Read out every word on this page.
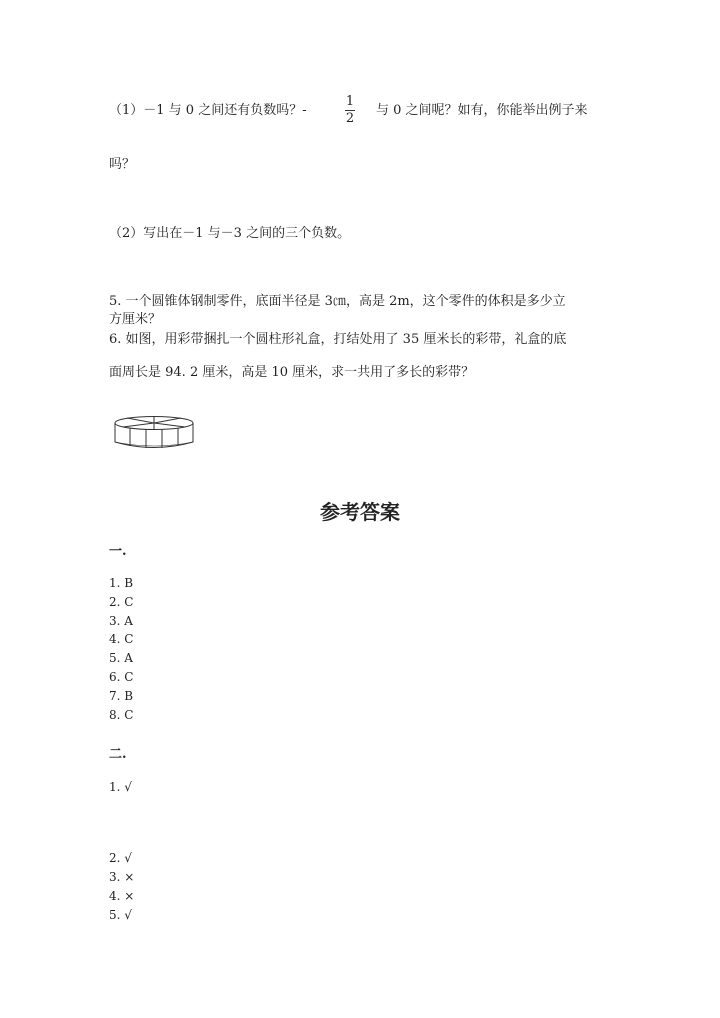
（1）－1 与 0 之间还有负数吗？-
1
2
与 0 之间呢？如有，你能举出例子来
吗？
（2）写出在－1 与－3 之间的三个负数。
5. 一个圆锥体钢制零件，底面半径是 3㎝，高是 2m，这个零件的体积是多少立
方厘米？
6. 如图，用彩带捆扎一个圆柱形礼盒，打结处用了 35 厘米长的彩带，礼盒的底
面周长是 94. 2 厘米，高是 10 厘米，求一共用了多长的彩带？
参考答案
一.
1. B
2. C
3. A
4. C
5. A
6. C
7. B
8. C
二.
1. √
2. √
3. ×
4. ×
5. √
